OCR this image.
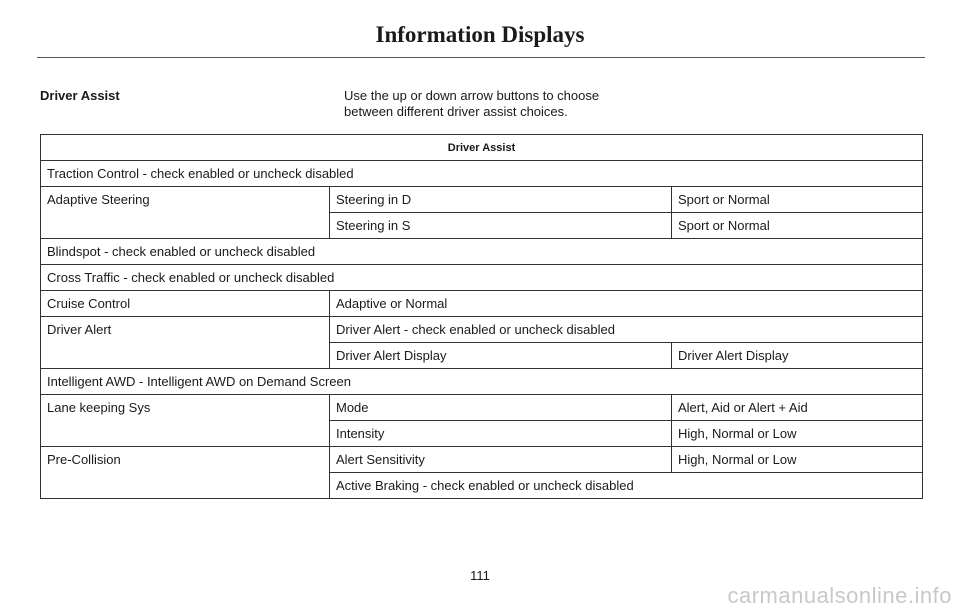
Information Displays
Driver Assist	Use the up or down arrow buttons to choose between different driver assist choices.
Driver Assist		
Traction Control - check enabled or uncheck disabled		
Adaptive Steering	Steering in D	Sport or Normal
	Steering in S	Sport or Normal
Blindspot - check enabled or uncheck disabled		
Cross Traffic - check enabled or uncheck disabled		
Cruise Control	Adaptive or Normal	
Driver Alert	Driver Alert - check enabled or uncheck disabled	
	Driver Alert Display	Driver Alert Display
Intelligent AWD - Intelligent AWD on Demand Screen		
Lane keeping Sys	Mode	Alert, Aid or Alert + Aid
	Intensity	High, Normal or Low
Pre-Collision	Alert Sensitivity	High, Normal or Low
	Active Braking - check enabled or uncheck disabled	
111
carmanualsonline.info
